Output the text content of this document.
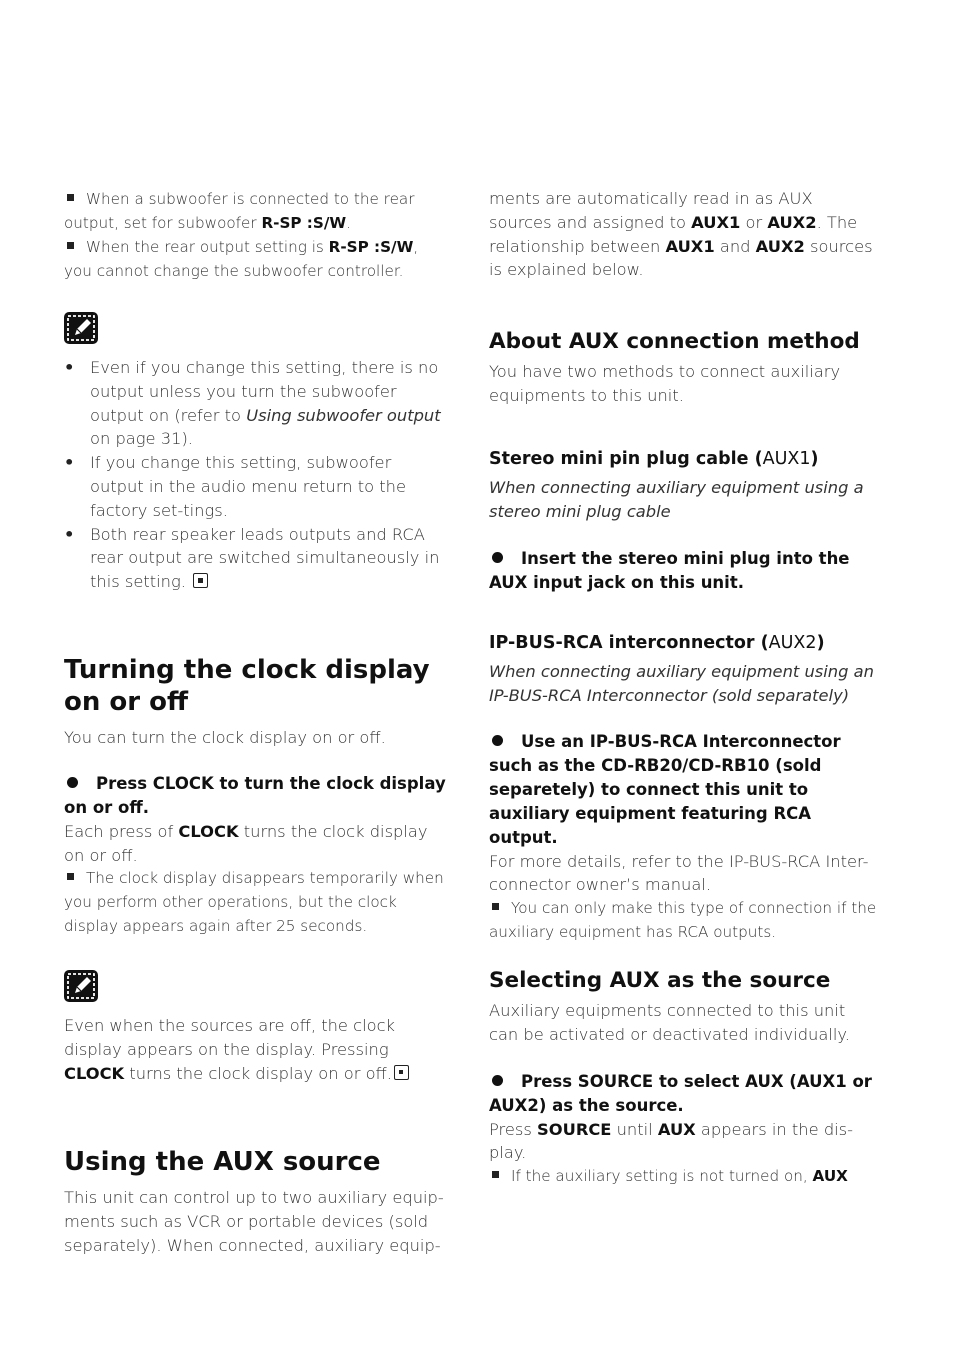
When a subwoofer is connected to the rear output, set for subwoofer R-SP :S/W.
When the rear output setting is R-SP :S/W, you cannot change the subwoofer controller.
• Even if you change this setting, there is no output unless you turn the subwoofer output on (refer to Using subwoofer output on page 31).
• If you change this setting, subwoofer output in the audio menu return to the factory set-tings.
• Both rear speaker leads outputs and RCA rear output are switched simultaneously in this setting.
Turning the clock display on or off
You can turn the clock display on or off.
Press CLOCK to turn the clock display on or off.
Each press of CLOCK turns the clock display on or off.
The clock display disappears temporarily when you perform other operations, but the clock display appears again after 25 seconds.
Even when the sources are off, the clock display appears on the display. Pressing CLOCK turns the clock display on or off.
Using the AUX source
This unit can control up to two auxiliary equip-ments such as VCR or portable devices (sold separately). When connected, auxiliary equip-
ments are automatically read in as AUX sources and assigned to AUX1 or AUX2. The relationship between AUX1 and AUX2 sources is explained below.
About AUX connection method
You have two methods to connect auxiliary equipments to this unit.
Stereo mini pin plug cable (AUX1)
When connecting auxiliary equipment using a stereo mini plug cable
Insert the stereo mini plug into the AUX input jack on this unit.
IP-BUS-RCA interconnector (AUX2)
When connecting auxiliary equipment using an IP-BUS-RCA Interconnector (sold separately)
Use an IP-BUS-RCA Interconnector such as the CD-RB20/CD-RB10 (sold separetely) to connect this unit to auxiliary equipment featuring RCA output.
For more details, refer to the IP-BUS-RCA Inter-connector owner’s manual.
You can only make this type of connection if the auxiliary equipment has RCA outputs.
Selecting AUX as the source
Auxiliary equipments connected to this unit can be activated or deactivated individually.
Press SOURCE to select AUX (AUX1 or AUX2) as the source.
Press SOURCE until AUX appears in the dis-play.
If the auxiliary setting is not turned on, AUX
